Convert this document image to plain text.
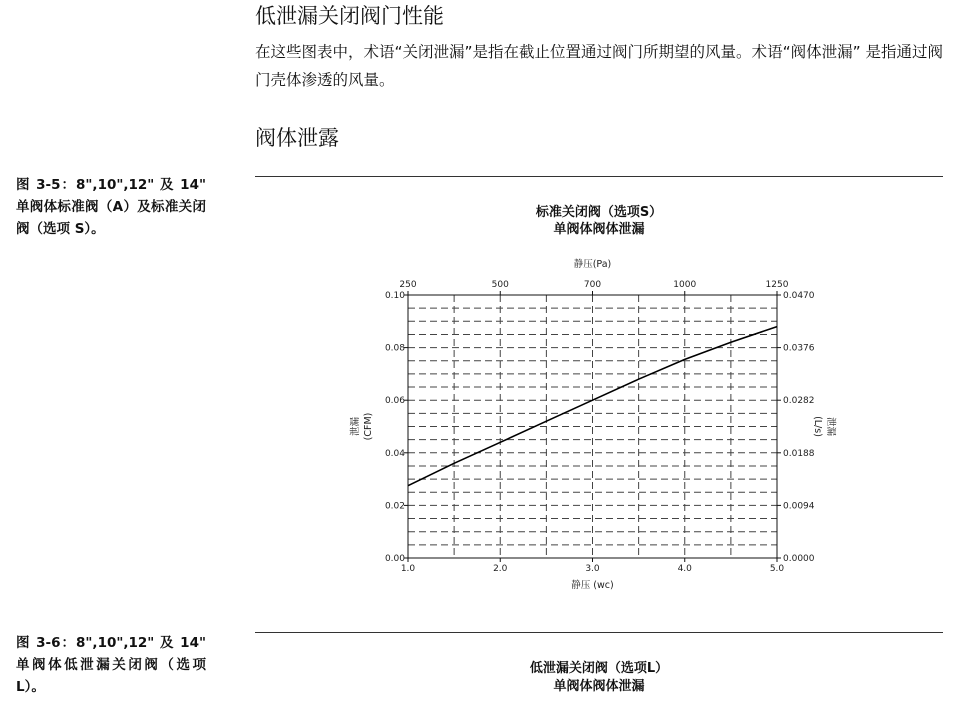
低泄漏关闭阀门性能
在这些图表中，术语“关闭泄漏”是指在截止位置通过阀门所期望的风量。术语“阀体泄漏” 是指通过阀门壳体渗透的风量。
阀体泄露
图 3-5：8",10",12" 及 14" 单阀体标准阀（A）及标准关闭阀（选项 S）。
标准关闭阀（选项S）
单阀体阀体泄漏
1.0	2.0	3.0	4.0	5.0
250	500	700	1000	1250
0.00
0.02
0.04
0.06
0.08
0.10
0.0000
0.0094
0.0188
0.0282
0.0376
0.0470
静压 (wc)
静压(Pa)
泄漏 (CFM)	泄漏
(L/s)
图 3-6：8",10",12" 及 14" 单阀体低泄漏关闭阀（选项 L）。
低泄漏关闭阀（选项L）
单阀体阀体泄漏
